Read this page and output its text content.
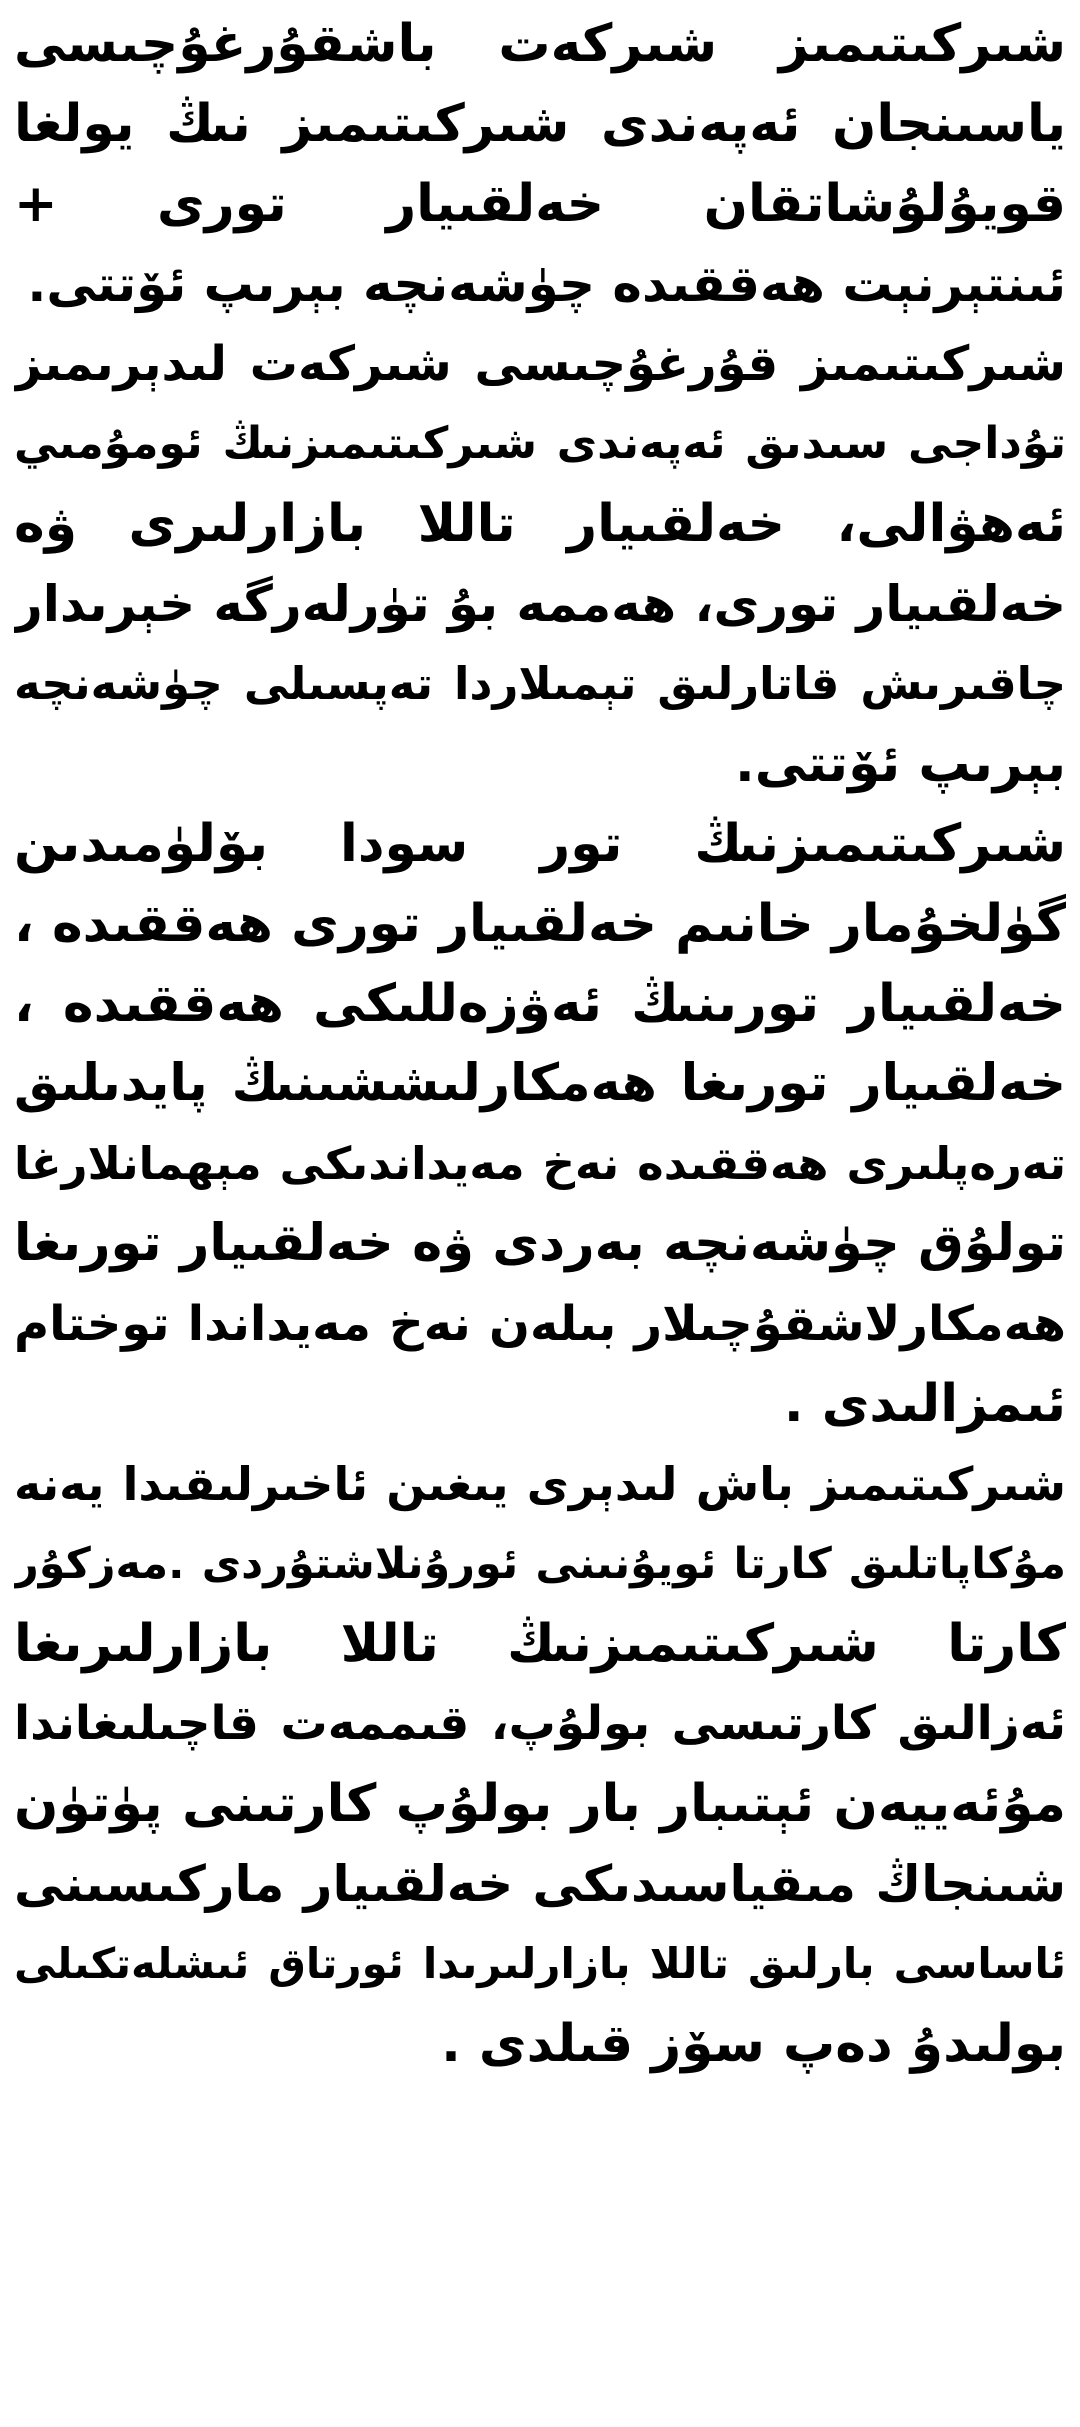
شىركىتىمىز شىركەت باشقۇرغۇچىسى
ياسىنجان ئەپەندى شىركىتىمىز نىڭ يولغا
قويۇلۇشاتقان خەلقىيار تورى +
ئىنتېرنېت ھەققىدە چۈشەنچە بېرىپ ئۆتتى.
شىركىتىمىز قۇرغۇچىسى شىركەت لىدېرىمىز
تۇداجى سىدىق ئەپەندى شىركىتىمىزنىڭ ئومۇمىي
ئەھۋالى، خەلقىيار تاللا بازارلىرى ۋە
خەلقىيار تورى، ھەممە بۇ تۈرلەرگە خېرىدار
چاقىرىش قاتارلىق تېمىلاردا تەپسىلى چۈشەنچە
بېرىپ ئۆتتى.
شىركىتىمىزنىڭ تور سودا بۆلۈمىدىن
گۈلخۇمار خانىم خەلقىيار تورى ھەققىدە ،
خەلقىيار تورىنىڭ ئەۋزەللىكى ھەققىدە ،
خەلقىيار تورىغا ھەمكارلىششىنىڭ پايدىلىق
تەرەپلىرى ھەققىدە نەخ مەيداندىكى مېھمانلارغا
تولۇق چۈشەنچە بەردى ۋە خەلقىيار تورىغا
ھەمكارلاشقۇچىلار بىلەن نەخ مەيداندا توختام
ئىمزالىدى .
شىركىتىمىز باش لىدېرى يىغىن ئاخىرلىقىدا يەنە
مۇكاپاتلىق كارتا ئويۇنىنى ئورۇنلاشتۇردى .مەزكۇر
كارتا شىركىتىمىزنىڭ تاللا بازارلىرىغا
ئەزالىق كارتىسى بولۇپ، قىممەت قاچىلىغاندا
مۇئەييەن ئېتىبار بار بولۇپ كارتىنى پۈتۈن
شىنجاڭ مىقياسىدىكى خەلقىيار ماركىسىنى
ئاساسى بارلىق تاللا بازارلىرىدا ئورتاق ئىشلەتكىلى
بولىدۇ دەپ سۆز قىلدى .
